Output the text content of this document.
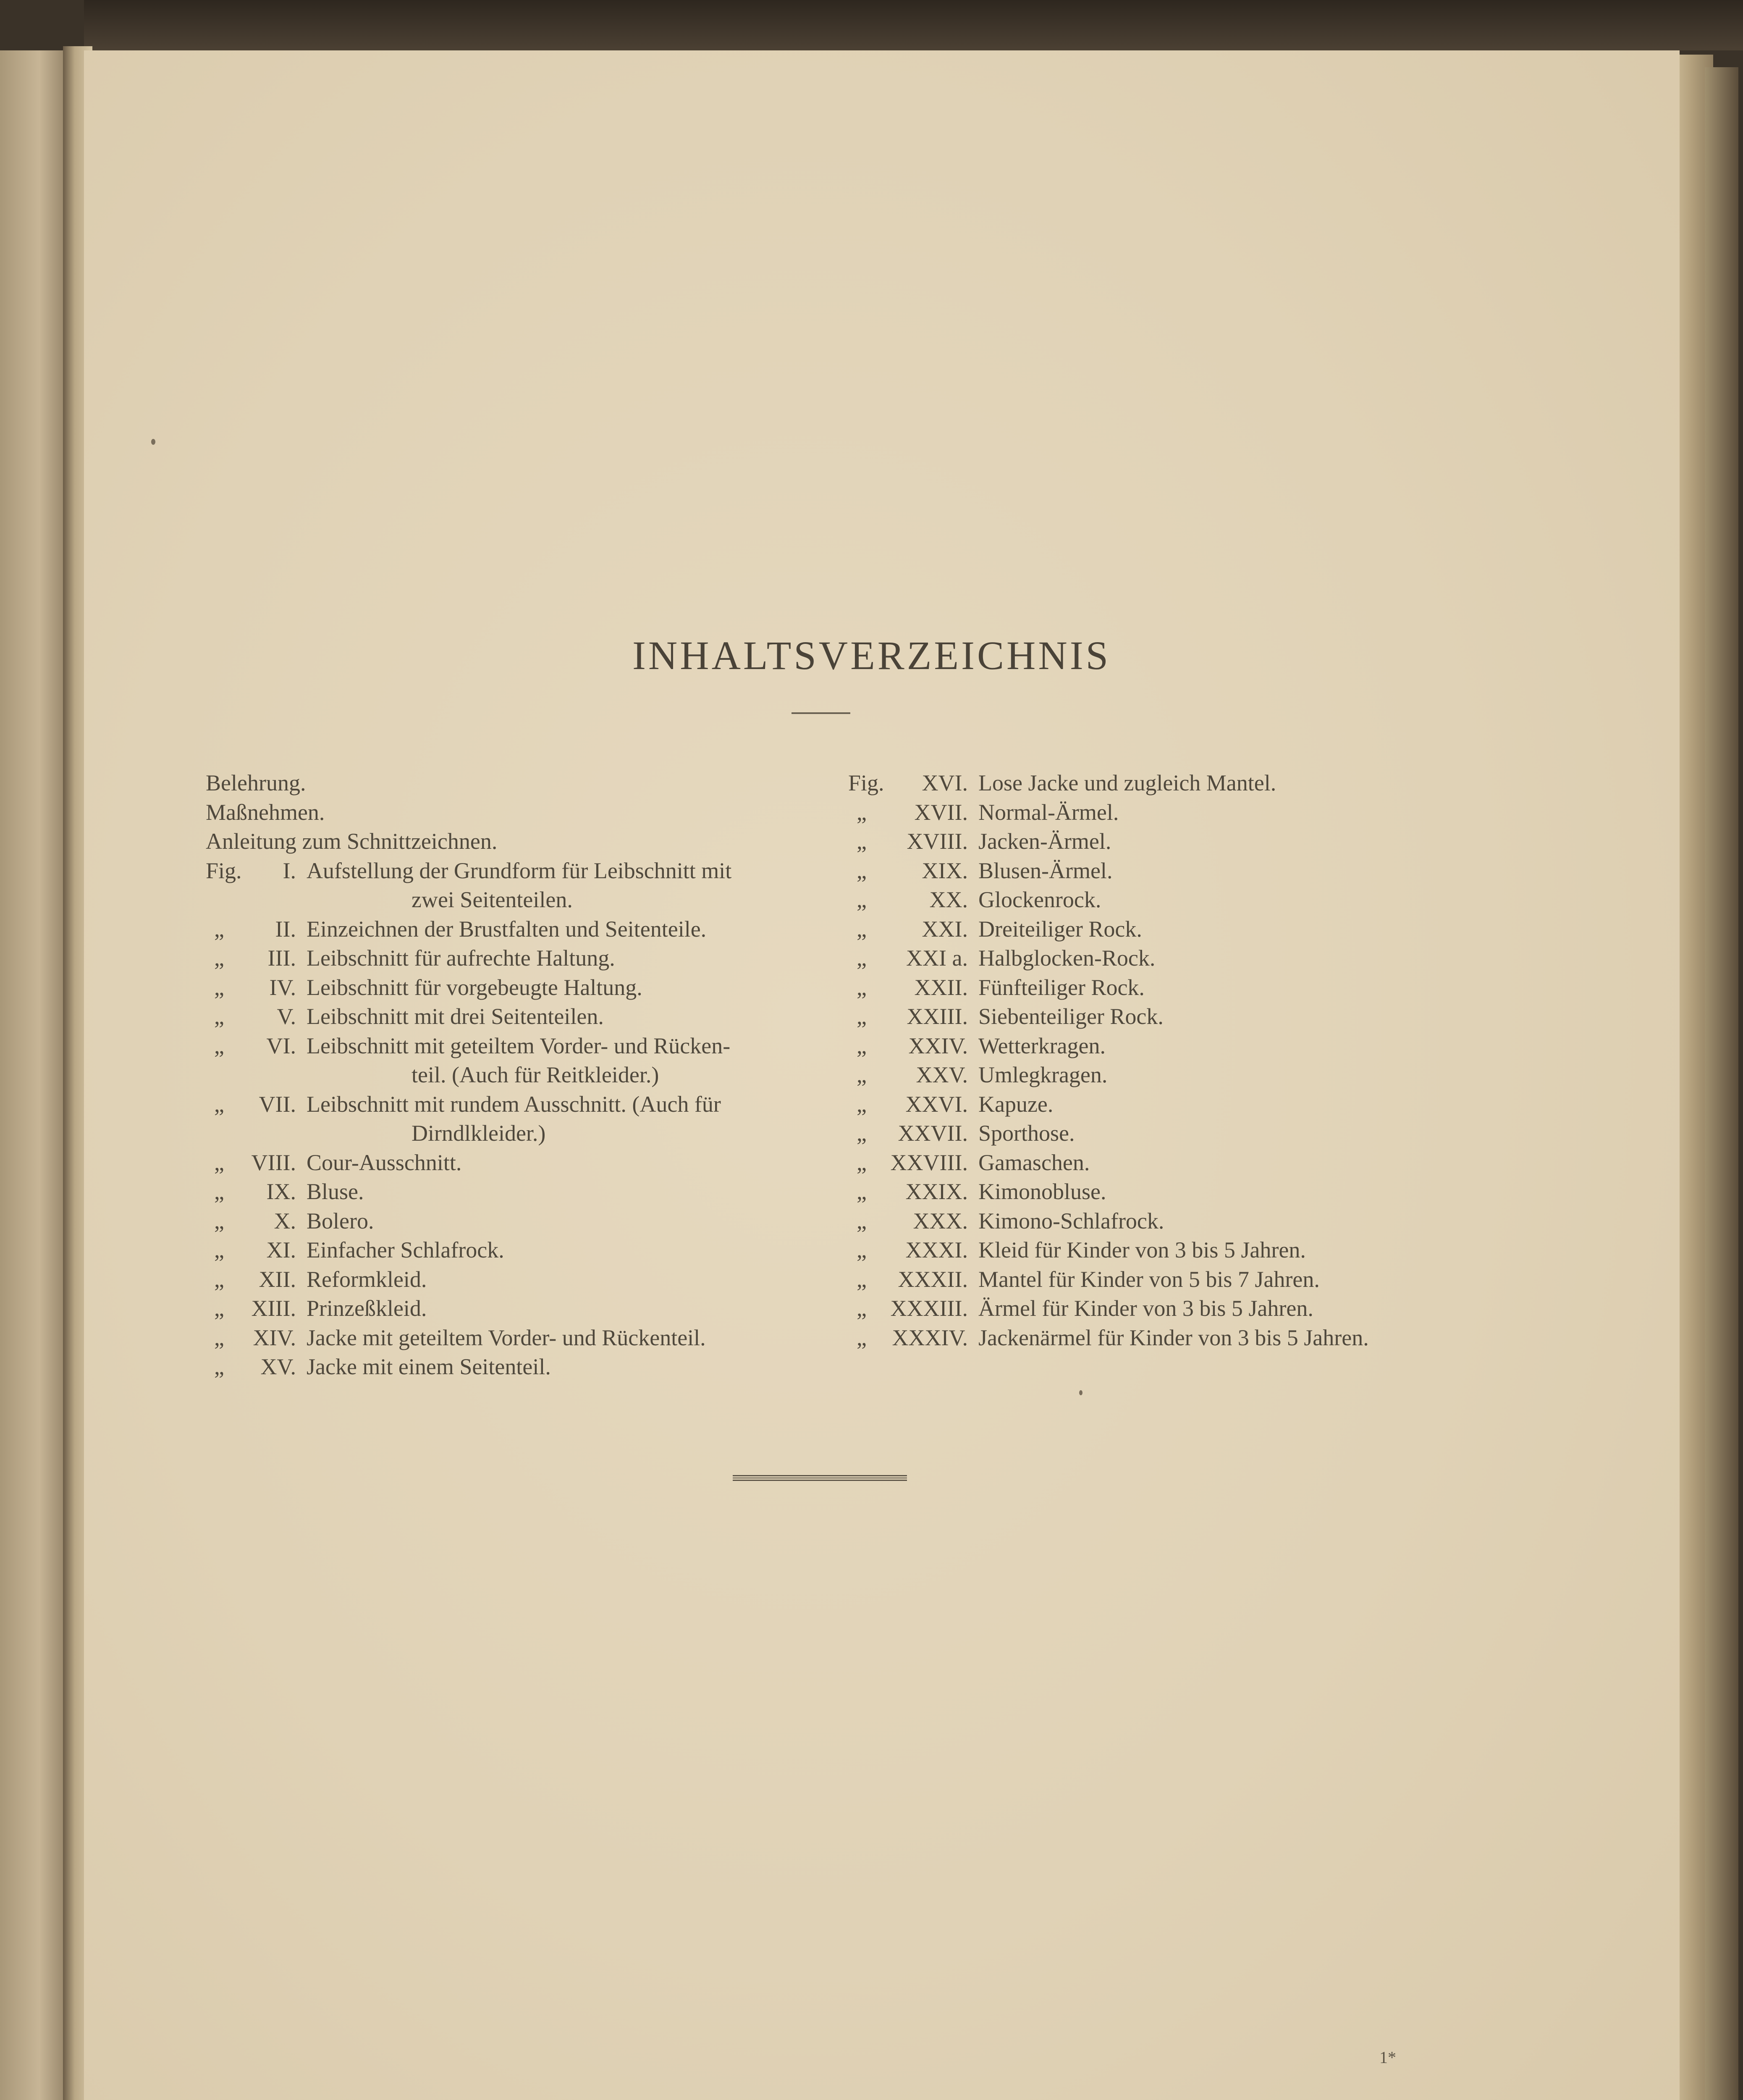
INHALTSVERZEICHNIS
Belehrung.
Maßnehmen.
Anleitung zum Schnittzeichnen.
Fig.	I. Aufstellung der Grundform für Leibschnitt mit
zwei Seitenteilen.
„	II. Einzeichnen der Brustfalten und Seitenteile.
„	III. Leibschnitt für aufrechte Haltung.
„	IV. Leibschnitt für vorgebeugte Haltung.
„	V. Leibschnitt mit drei Seitenteilen.
„	VI. Leibschnitt mit geteiltem Vorder- und Rücken-
teil. (Auch für Reitkleider.)
„	VII. Leibschnitt mit rundem Ausschnitt. (Auch für
Dirndlkleider.)
„	VIII. Cour-Ausschnitt.
„	IX. Bluse.
„	X. Bolero.
„	XI. Einfacher Schlafrock.
„	XII. Reformkleid.
„	XIII. Prinzeßkleid.
„	XIV. Jacke mit geteiltem Vorder- und Rückenteil.
„	XV. Jacke mit einem Seitenteil.
Fig.	XVI. Lose Jacke und zugleich Mantel.
„	XVII. Normal-Ärmel.
„	XVIII. Jacken-Ärmel.
„	XIX. Blusen-Ärmel.
„	XX. Glockenrock.
„	XXI. Dreiteiliger Rock.
„	XXI a. Halbglocken-Rock.
„	XXII. Fünfteiliger Rock.
„	XXIII. Siebenteiliger Rock.
„	XXIV. Wetterkragen.
„	XXV. Umlegkragen.
„	XXVI. Kapuze.
„	XXVII. Sporthose.
„	XXVIII. Gamaschen.
„	XXIX. Kimonobluse.
„	XXX. Kimono-Schlafrock.
„	XXXI. Kleid für Kinder von 3 bis 5 Jahren.
„	XXXII. Mantel für Kinder von 5 bis 7 Jahren.
„	XXXIII. Ärmel für Kinder von 3 bis 5 Jahren.
„	XXXIV. Jackenärmel für Kinder von 3 bis 5 Jahren.
1*
